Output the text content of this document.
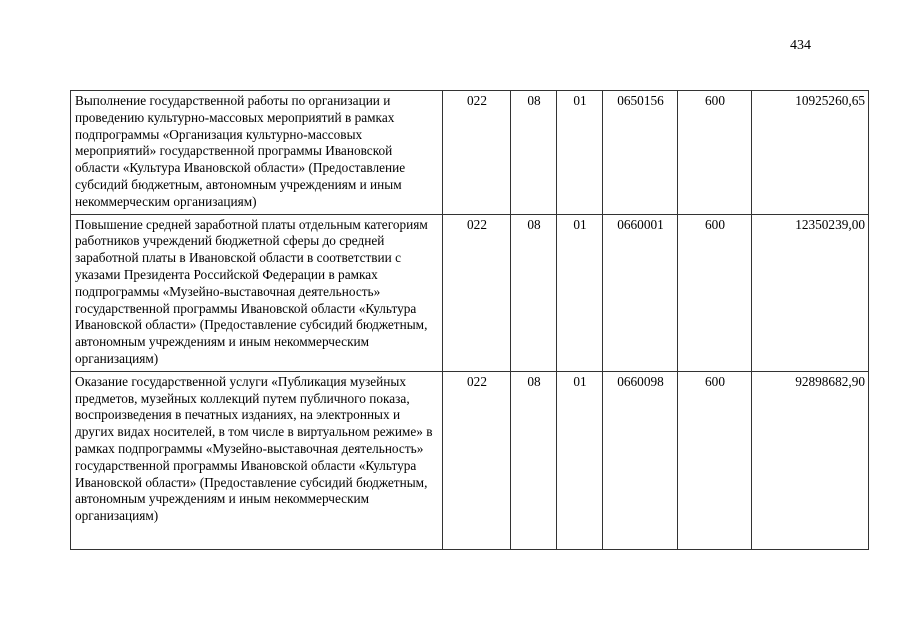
434
Выполнение государственной работы по организации и проведению культурно-массовых мероприятий в рамках подпрограммы «Организация культурно-массовых мероприятий» государственной программы Ивановской области «Культура Ивановской области» (Предоставление субсидий бюджетным, автономным учреждениям и иным некоммерческим организациям)	022	08	01	0650156	600	10925260,65
Повышение средней заработной платы отдельным категориям работников учреждений бюджетной сферы до средней заработной платы в Ивановской области в соответствии с указами Президента Российской Федерации в рамках подпрограммы «Музейно-выставочная деятельность» государственной программы Ивановской области «Культура Ивановской области» (Предоставление субсидий бюджетным, автономным учреждениям и иным некоммерческим организациям)	022	08	01	0660001	600	12350239,00
Оказание государственной услуги «Публикация музейных предметов, музейных коллекций путем публичного показа, воспроизведения в печатных изданиях, на электронных и других видах носителей, в том числе в виртуальном режиме» в рамках подпрограммы «Музейно-выставочная деятельность» государственной программы Ивановской области «Культура Ивановской области» (Предоставление субсидий бюджетным, автономным учреждениям и иным некоммерческим организациям)	022	08	01	0660098	600	92898682,90
